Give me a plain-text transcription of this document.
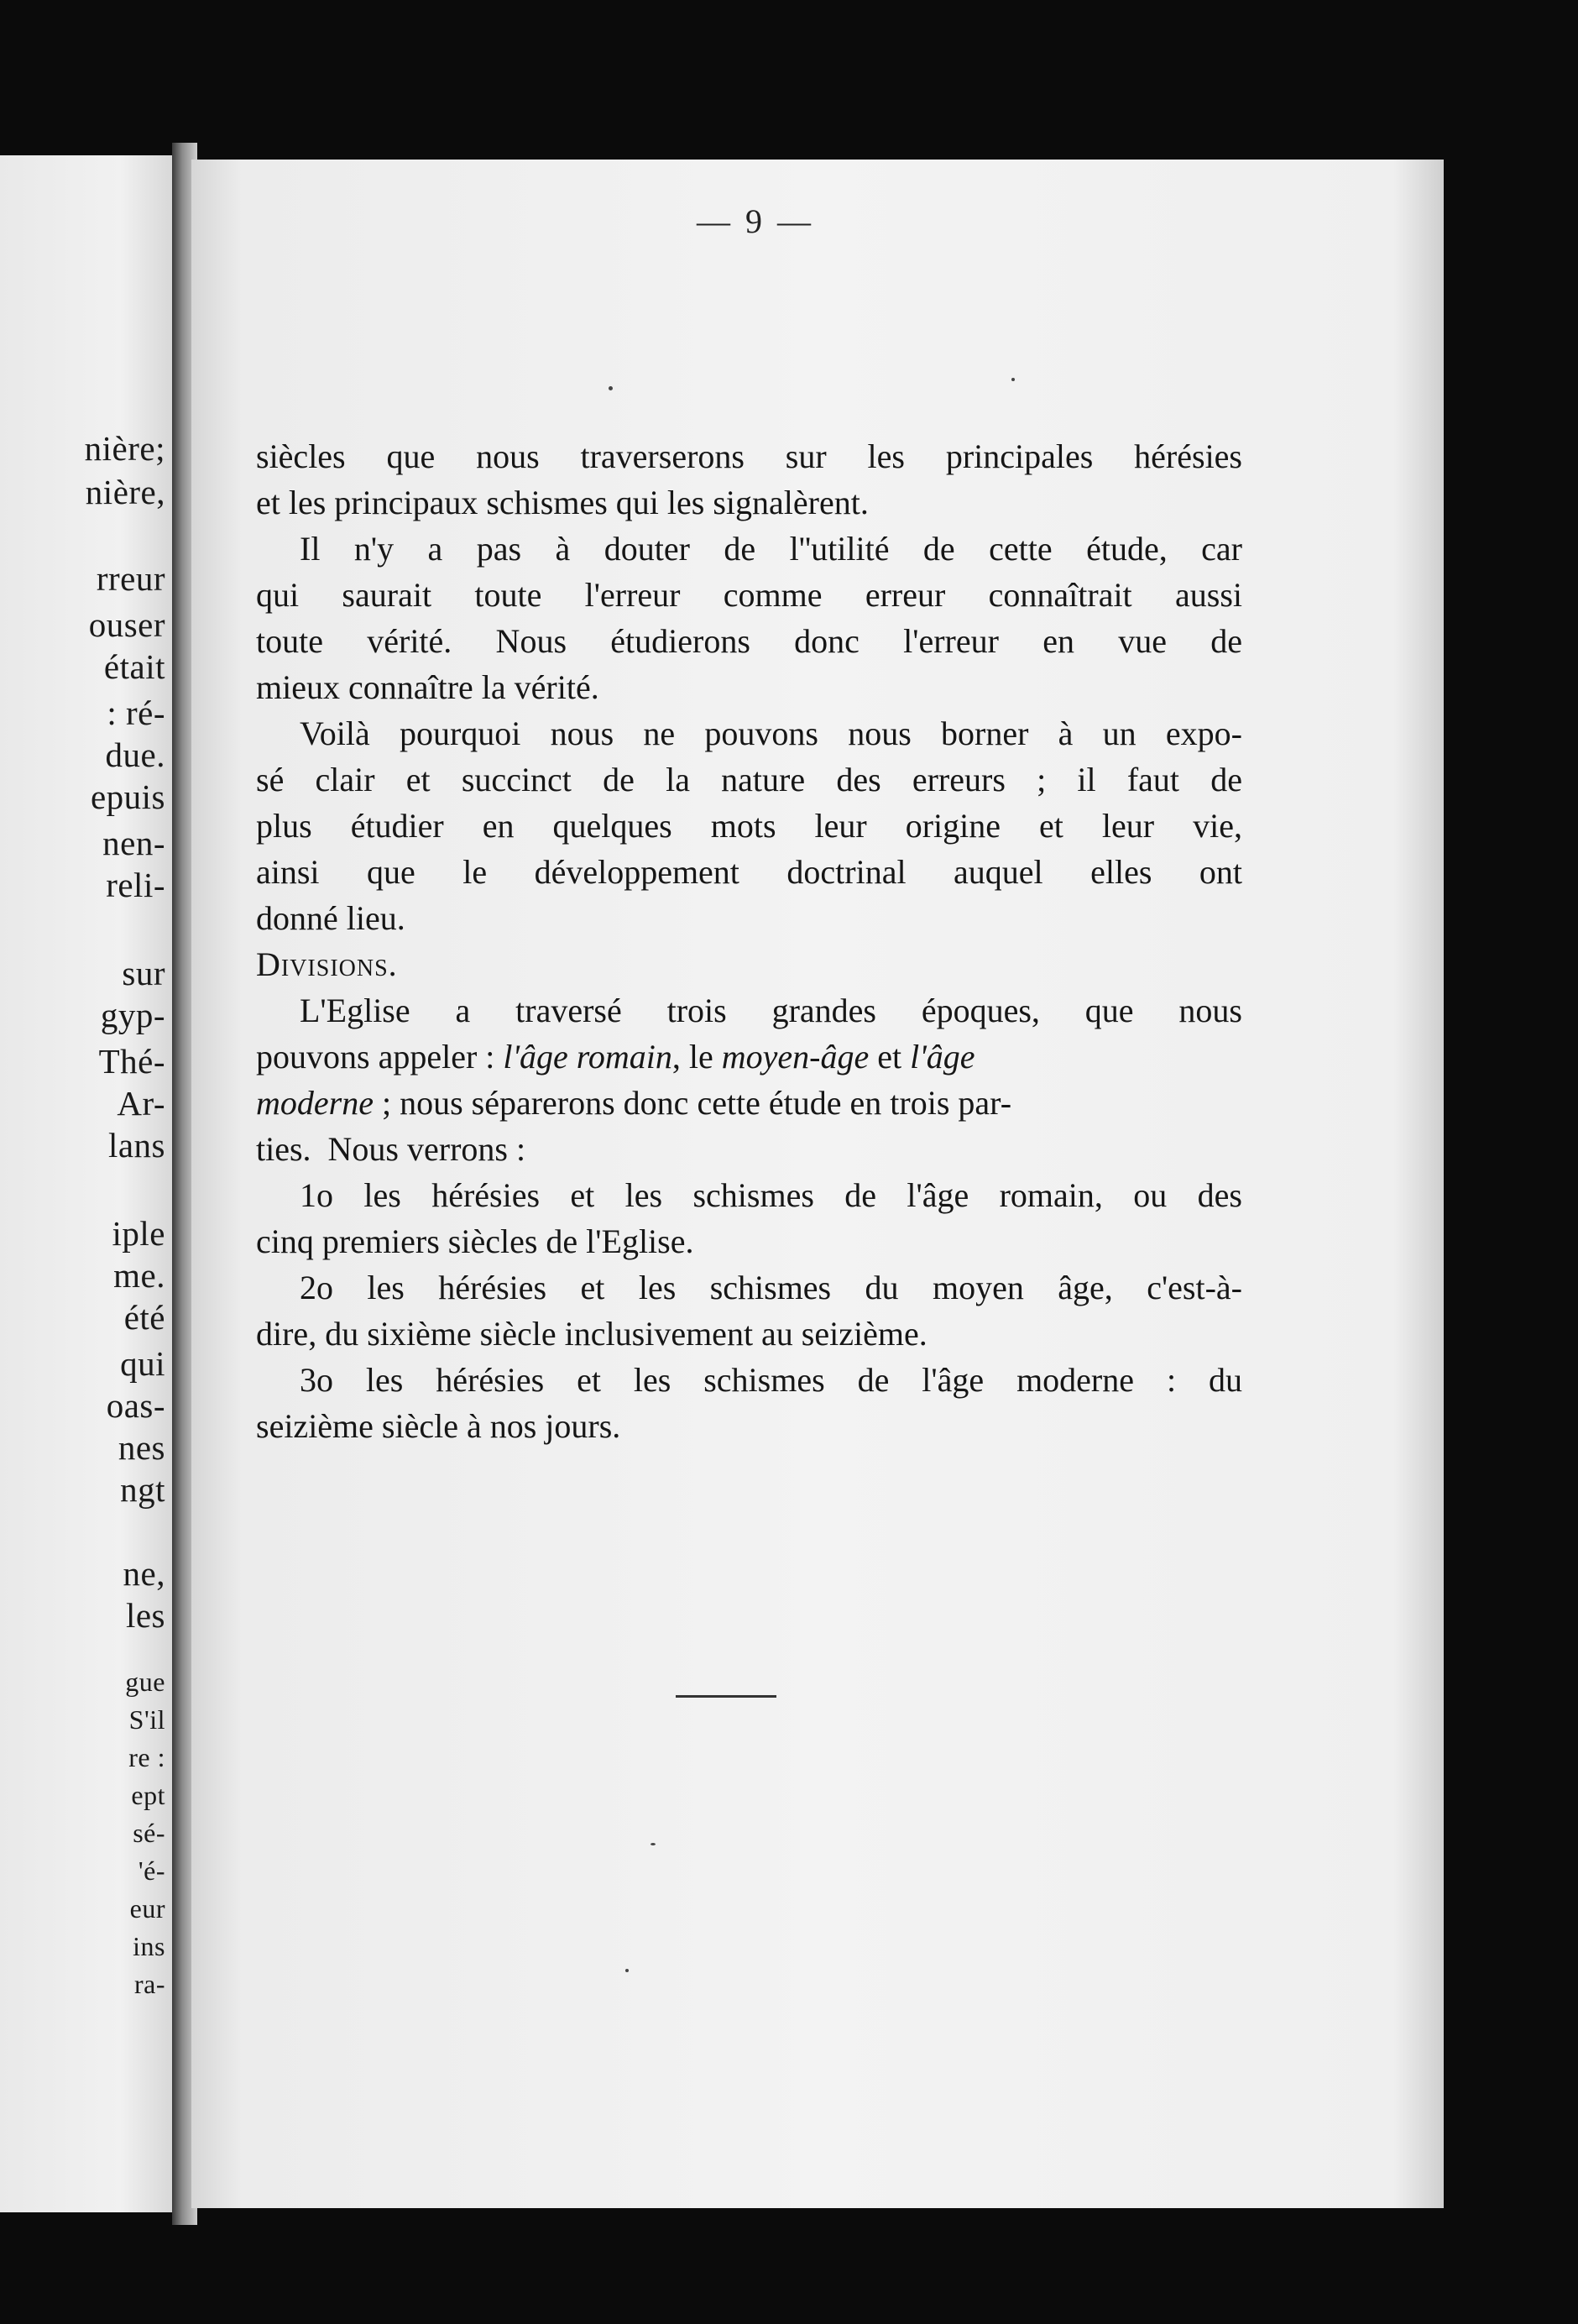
nière;
nière,
rreur
ouser
était
: ré-
due.
epuis
nen-
reli-
sur
gyp-
Thé-
Ar-
lans
iple
me.
été
qui
oas-
nes
ngt
ne,
les
gue
S'il
re :
ept
sé-
'é-
eur
ins
ra-
— 9 —
siècles que nous traverserons sur les principales hérésies
et les principaux schismes qui les signalèrent.
Il n'y a pas à douter de l''utilité de cette étude, car
qui saurait toute l'erreur comme erreur connaîtrait aussi
toute vérité. Nous étudierons donc l'erreur en vue de
mieux connaître la vérité.
Voilà pourquoi nous ne pouvons nous borner à un expo-
sé clair et succinct de la nature des erreurs ; il faut de
plus étudier en quelques mots leur origine et leur vie,
ainsi que le développement doctrinal auquel elles ont
donné lieu.
Divisions.
L'Eglise a traversé trois grandes époques, que nous
pouvons appeler : l'âge romain , le moyen-âge et l'âge
moderne ; nous séparerons donc cette étude en trois par-
ties.  Nous verrons :
1o les hérésies et les schismes de l'âge romain, ou des
cinq premiers siècles de l'Eglise.
2o les hérésies et les schismes du moyen âge, c'est-à-
dire, du sixième siècle inclusivement au seizième.
3o les hérésies et les schismes de l'âge moderne : du
seizième siècle à nos jours.
